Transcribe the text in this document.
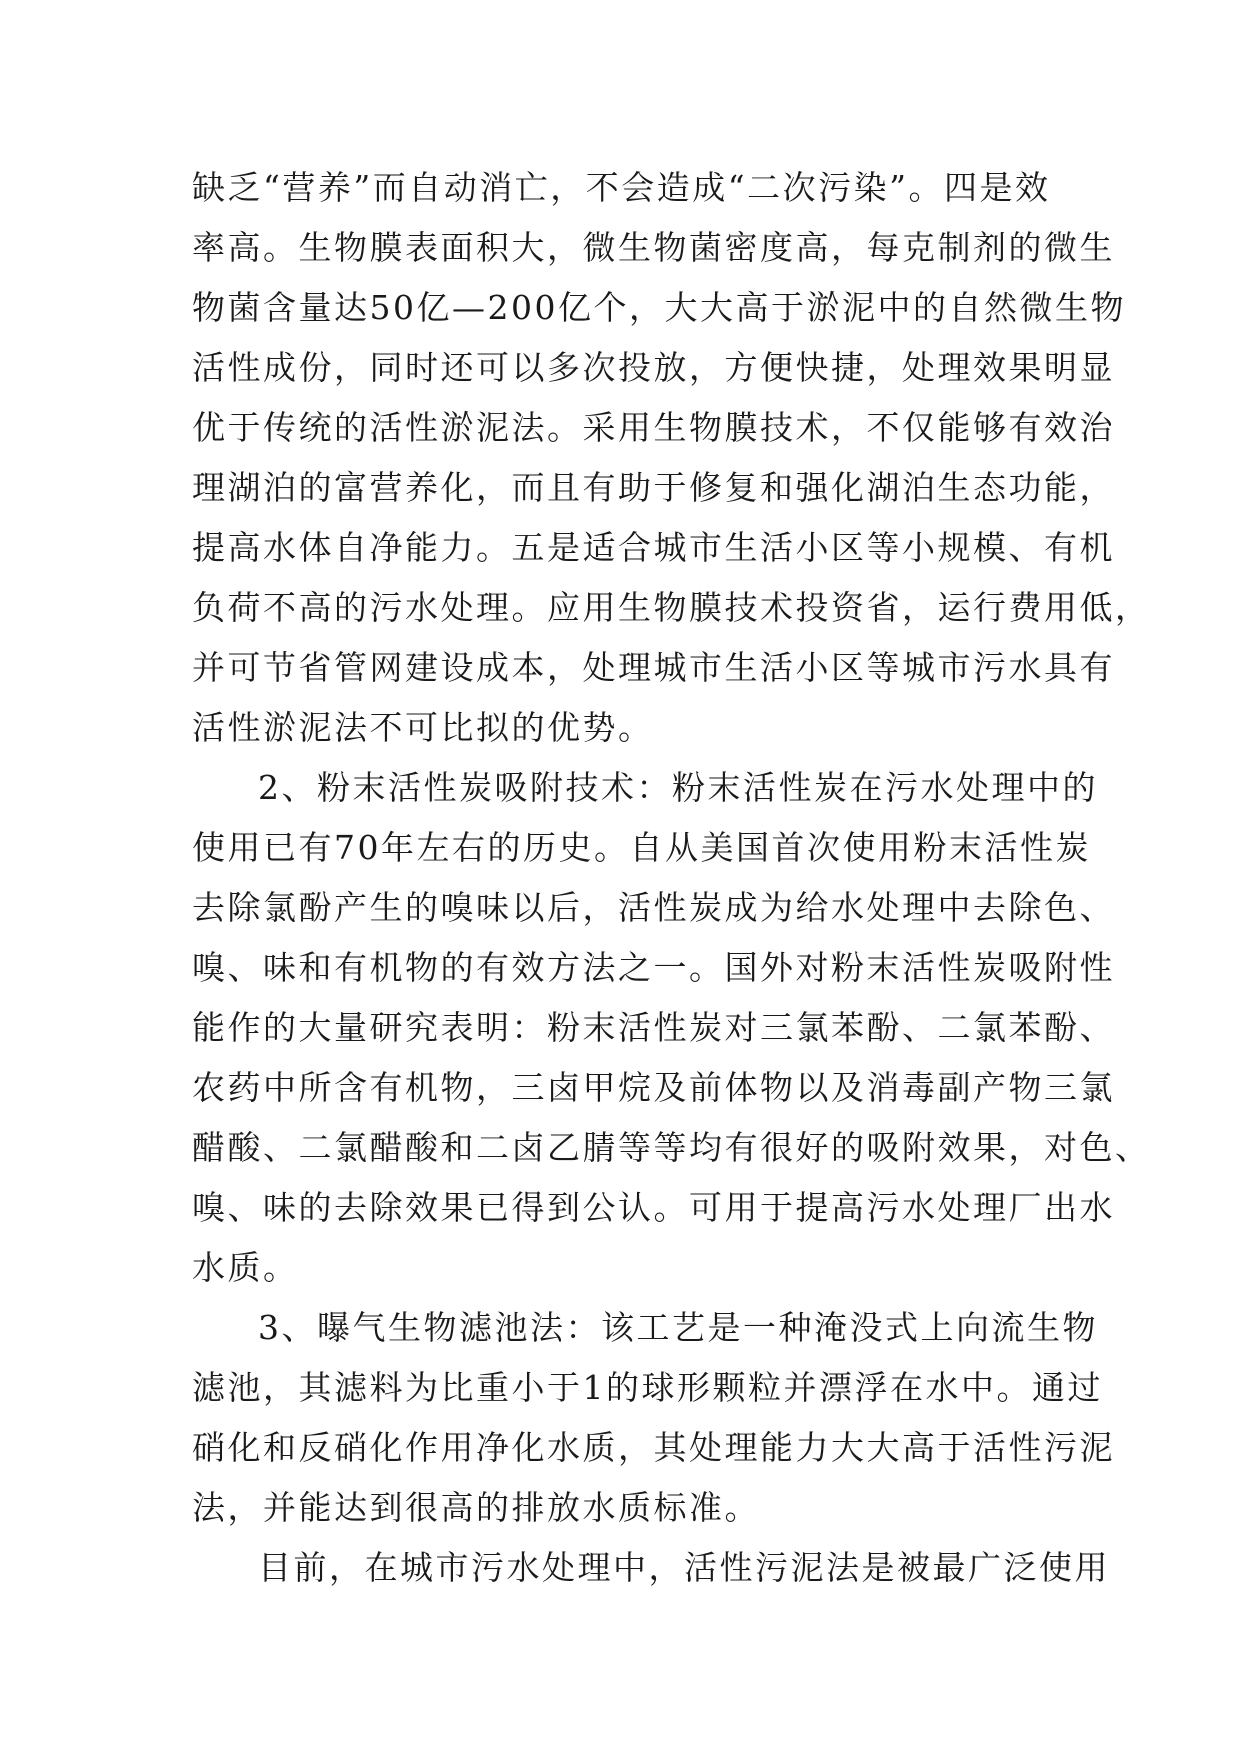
缺乏“营养”而自动消亡，不会造成“二次污染”。四是效
率高。生物膜表面积大，微生物菌密度高，每克制剂的微生
物菌含量达50亿—200亿个，大大高于淤泥中的自然微生物
活性成份，同时还可以多次投放，方便快捷，处理效果明显
优于传统的活性淤泥法。采用生物膜技术，不仅能够有效治
理湖泊的富营养化，而且有助于修复和强化湖泊生态功能，
提高水体自净能力。五是适合城市生活小区等小规模、有机
负荷不高的污水处理。应用生物膜技术投资省，运行费用低，
并可节省管网建设成本，处理城市生活小区等城市污水具有
活性淤泥法不可比拟的优势。
2、粉末活性炭吸附技术：粉末活性炭在污水处理中的
使用已有70年左右的历史。自从美国首次使用粉末活性炭
去除氯酚产生的嗅味以后，活性炭成为给水处理中去除色、
嗅、味和有机物的有效方法之一。国外对粉末活性炭吸附性
能作的大量研究表明：粉末活性炭对三氯苯酚、二氯苯酚、
农药中所含有机物，三卤甲烷及前体物以及消毒副产物三氯
醋酸、二氯醋酸和二卤乙腈等等均有很好的吸附效果，对色、
嗅、味的去除效果已得到公认。可用于提高污水处理厂出水
水质。
3、曝气生物滤池法：该工艺是一种淹没式上向流生物
滤池，其滤料为比重小于1的球形颗粒并漂浮在水中。通过
硝化和反硝化作用净化水质，其处理能力大大高于活性污泥
法，并能达到很高的排放水质标准。
目前，在城市污水处理中，活性污泥法是被最广泛使用
